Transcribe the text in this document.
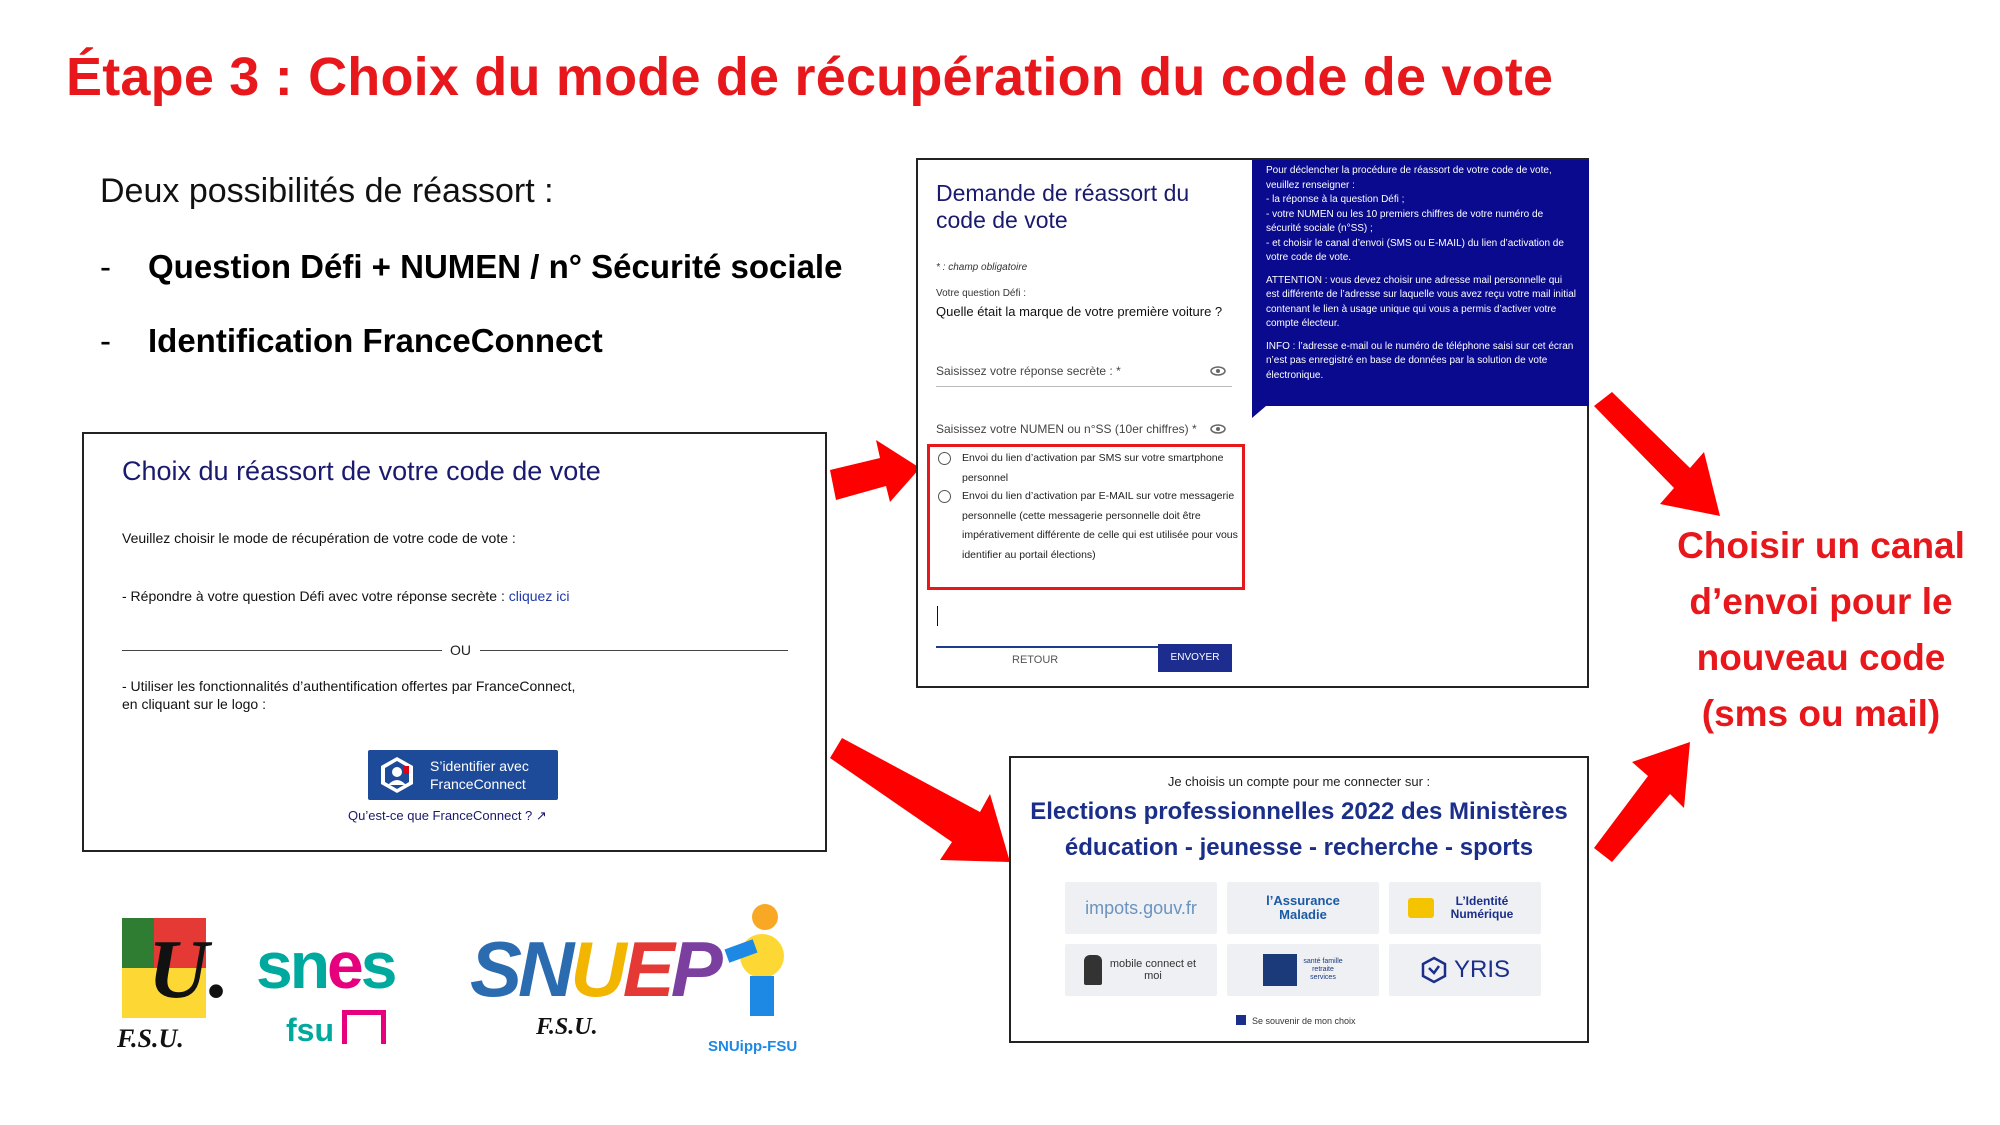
Étape 3 : Choix du mode de récupération du code de vote
Deux possibilités de réassort :
- Question Défi + NUMEN / n° Sécurité sociale
- Identification FranceConnect
Choix du réassort de votre code de vote
Veuillez choisir le mode de récupération de votre code de vote :
- Répondre à votre question Défi avec votre réponse secrète : cliquez ici
OU
- Utiliser les fonctionnalités d’authentification offertes par FranceConnect,
en cliquant sur le logo :
S’identifier avec
FranceConnect
Qu’est-ce que FranceConnect ? ↗
Demande de réassort du code de vote
* : champ obligatoire
Votre question Défi :
Quelle était la marque de votre première voiture ?
Saisissez votre réponse secrète : *
Saisissez votre NUMEN ou n°SS (10er chiffres) *
Envoi du lien d’activation par SMS sur votre smartphone personnel
Envoi du lien d’activation par E-MAIL sur votre messagerie personnelle (cette messagerie personnelle doit être impérativement différente de celle qui est utilisée pour vous identifier au portail élections)
RETOUR	ENVOYER

Pour déclencher la procédure de réassort de votre code de vote, veuillez renseigner :
- la réponse à la question Défi ;
- votre NUMEN ou les 10 premiers chiffres de votre numéro de sécurité sociale (n°SS) ;
- et choisir le canal d’envoi (SMS ou E-MAIL) du lien d’activation de votre code de vote.

ATTENTION : vous devez choisir une adresse mail personnelle qui est différente de l’adresse sur laquelle vous avez reçu votre mail initial contenant le lien à usage unique qui vous a permis d’activer votre compte électeur.

INFO : l’adresse e-mail ou le numéro de téléphone saisi sur cet écran n’est pas enregistré en base de données par la solution de vote électronique.

Je choisis un compte pour me connecter sur :
Elections professionnelles 2022 des Ministères
éducation - jeunesse - recherche - sports
impots.gouv.fr	l’Assurance Maladie
L’Identité Numérique
mobile connect et moi
santé famille retraite services	YRIS
Se souvenir de mon choix
Choisir un canal d’envoi pour le nouveau code (sms ou mail)
U.
F.S.U.
snes
fsu
SNUEP
F.S.U.
SNUipp-FSU
